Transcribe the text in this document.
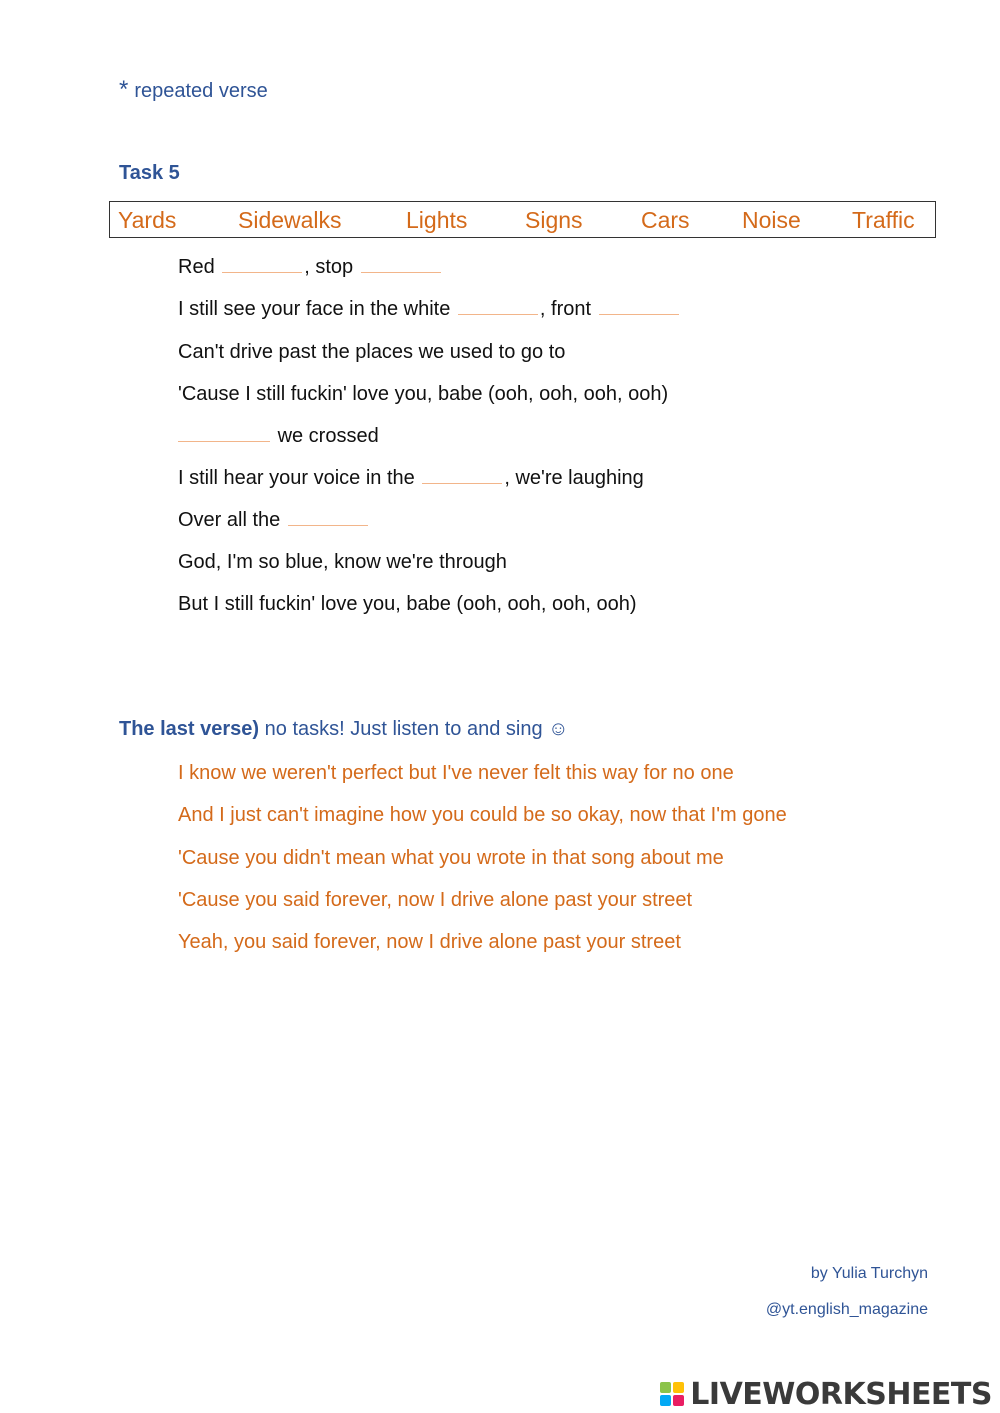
* repeated verse
Task 5
Yards	Sidewalks	Lights	Signs	Cars Noise Traffic
Red	, stop
I still see your face in the white	, front
Can't drive past the places we used to go to
'Cause I still fuckin' love you, babe (ooh, ooh, ooh, ooh)
we crossed
I still hear your voice in the	, we're laughing
Over all the
God, I'm so blue, know we're through
But I still fuckin' love you, babe (ooh, ooh, ooh, ooh)
The last verse) no tasks! Just listen to and sing ☺
I know we weren't perfect but I've never felt this way for no one
And I just can't imagine how you could be so okay, now that I'm gone
'Cause you didn't mean what you wrote in that song about me
'Cause you said forever, now I drive alone past your street
Yeah, you said forever, now I drive alone past your street
by Yulia Turchyn
@yt.english_magazine
LIVEWORKSHEETS
